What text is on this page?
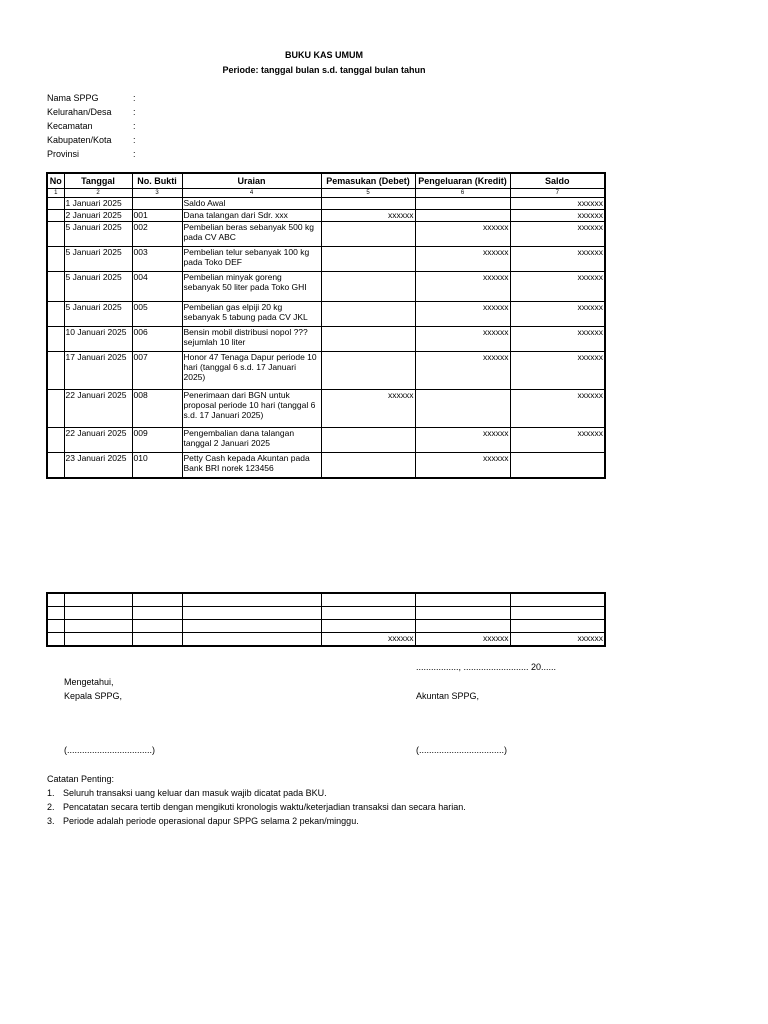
BUKU KAS UMUM
Periode: tanggal bulan s.d. tanggal bulan tahun
Nama SPPG	:
Kelurahan/Desa :
Kecamatan	:
Kabupaten/Kota :
Provinsi	:
No	Tanggal	No. Bukti	Uraian	Pemasukan (Debet)	Pengeluaran (Kredit)	Saldo
1	2	3	4	5	6	7
	1 Januari 2025		Saldo Awal			xxxxxx
	2 Januari 2025	001	Dana talangan dari Sdr. xxx	xxxxxx		xxxxxx
	5 Januari 2025	002	Pembelian beras sebanyak 500 kg pada CV ABC		xxxxxx	xxxxxx
	5 Januari 2025	003	Pembelian telur sebanyak 100 kg pada Toko DEF		xxxxxx	xxxxxx
	5 Januari 2025	004	Pembelian minyak goreng sebanyak 50 liter pada Toko GHI		xxxxxx	xxxxxx
	5 Januari 2025	005	Pembelian gas elpiji 20 kg sebanyak 5 tabung pada CV JKL		xxxxxx	xxxxxx
	10 Januari 2025	006	Bensin mobil distribusi nopol ??? sejumlah 10 liter		xxxxxx	xxxxxx
	17 Januari 2025	007	Honor 47 Tenaga Dapur periode 10 hari (tanggal 6 s.d. 17 Januari 2025)		xxxxxx	xxxxxx
	22 Januari 2025	008	Penerimaan dari BGN untuk proposal periode 10 hari (tanggal 6 s.d. 17 Januari 2025)	xxxxxx		xxxxxx
	22 Januari 2025	009	Pengembalian dana talangan tanggal 2 Januari 2025		xxxxxx	xxxxxx
	23 Januari 2025	010	Petty Cash kepada Akuntan pada Bank BRI norek 123456		xxxxxx	

				xxxxxx	xxxxxx	xxxxxx
................., .......................... 20......
Mengetahui,
Kepala SPPG,	Akuntan SPPG,
(..................................)	(..................................)
Catatan Penting:
1. Seluruh transaksi uang keluar dan masuk wajib dicatat pada BKU.
2. Pencatatan secara tertib dengan mengikuti kronologis waktu/keterjadian transaksi dan secara harian.
3. Periode adalah periode operasional dapur SPPG selama 2 pekan/minggu.
